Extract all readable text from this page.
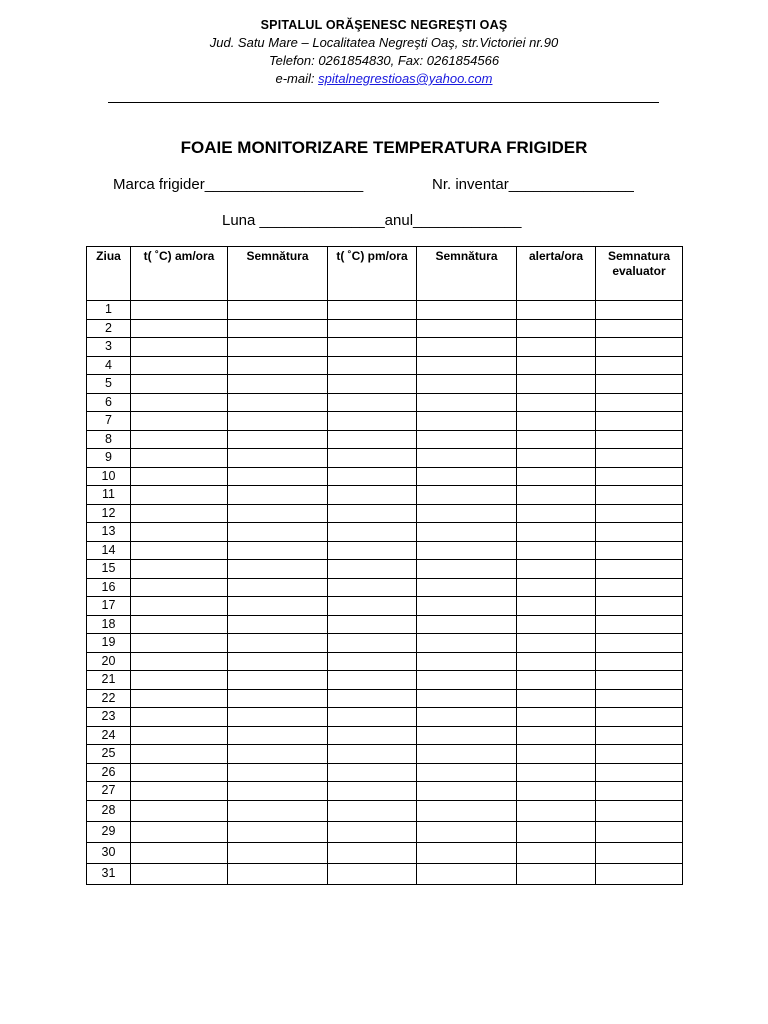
SPITALUL ORĂŞENESC NEGREŞTI OAŞ
Jud. Satu Mare – Localitatea Negreşti Oaş, str.Victoriei nr.90
Telefon: 0261854830, Fax: 0261854566
e-mail: spitalnegrestioas@yahoo.com
FOAIE MONITORIZARE TEMPERATURA FRIGIDER
Marca frigider___________________	Nr. inventar_______________
Luna _______________anul_____________
Ziua	t( ˚C) am/ora	Semnătura	t( ˚C) pm/ora	Semnătura	alerta/ora	Semnatura evaluator
1						
2						
3						
4						
5						
6						
7						
8						
9						
10						
11						
12						
13						
14						
15						
16						
17						
18						
19						
20						
21						
22						
23						
24						
25						
26						
27						
28						
29						
30						
31						
